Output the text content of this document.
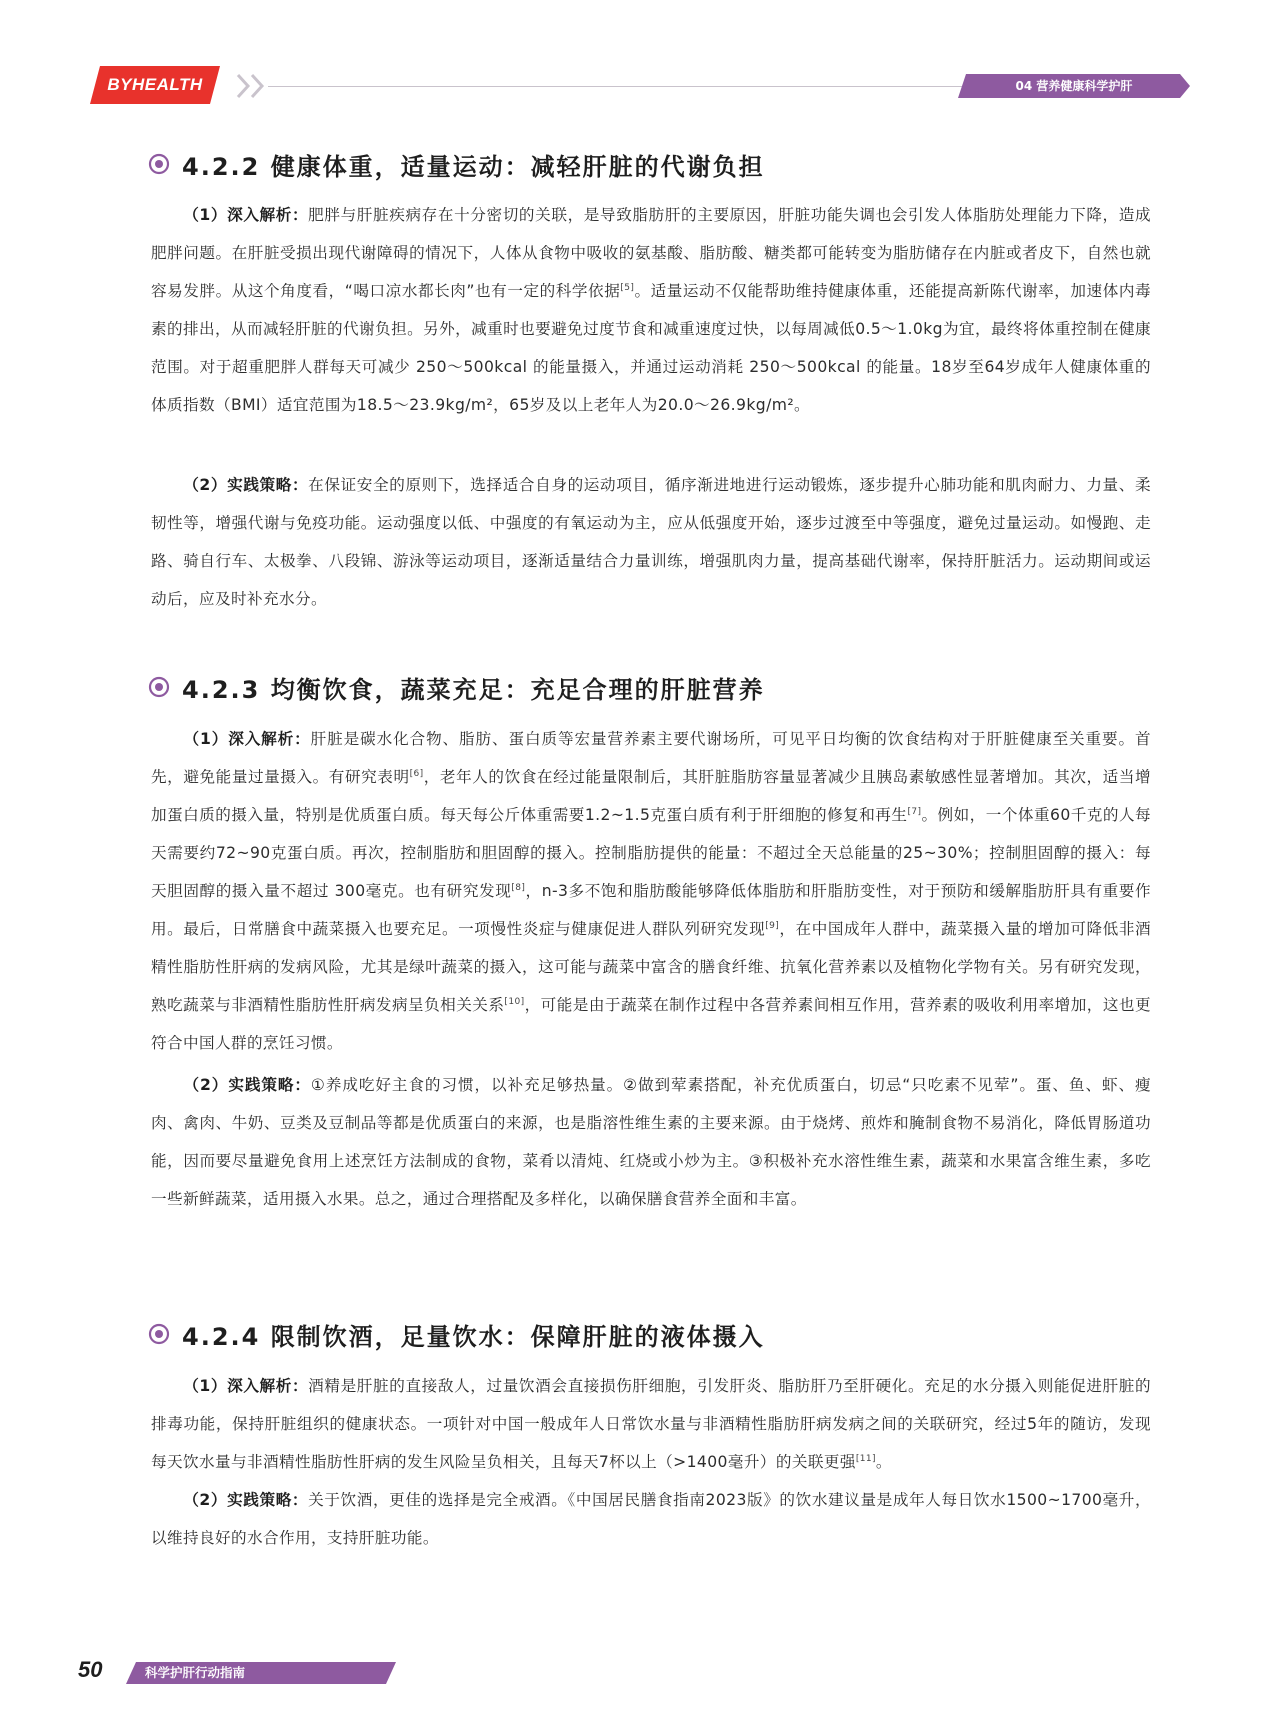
BYHEALTH	04 营养健康科学护肝
4.2.2 健康体重，适量运动：减轻肝脏的代谢负担
（1）深入解析：肥胖与肝脏疾病存在十分密切的关联，是导致脂肪肝的主要原因，肝脏功能失调也会引发人体脂肪处理能力下降，造成肥胖问题。在肝脏受损出现代谢障碍的情况下，人体从食物中吸收的氨基酸、脂肪酸、糖类都可能转变为脂肪储存在内脏或者皮下，自然也就容易发胖。从这个角度看，“喝口凉水都长肉”也有一定的科学依据[5]。适量运动不仅能帮助维持健康体重，还能提高新陈代谢率，加速体内毒素的排出，从而减轻肝脏的代谢负担。另外，减重时也要避免过度节食和减重速度过快，以每周减低0.5～1.0kg为宜，最终将体重控制在健康范围。对于超重肥胖人群每天可减少 250～500kcal 的能量摄入，并通过运动消耗 250～500kcal 的能量。18岁至64岁成年人健康体重的体质指数（BMI）适宜范围为18.5～23.9kg/m²，65岁及以上老年人为20.0～26.9kg/m²。
（2）实践策略：在保证安全的原则下，选择适合自身的运动项目，循序渐进地进行运动锻炼，逐步提升心肺功能和肌肉耐力、力量、柔韧性等，增强代谢与免疫功能。运动强度以低、中强度的有氧运动为主，应从低强度开始，逐步过渡至中等强度，避免过量运动。如慢跑、走路、骑自行车、太极拳、八段锦、游泳等运动项目，逐渐适量结合力量训练，增强肌肉力量，提高基础代谢率，保持肝脏活力。运动期间或运动后，应及时补充水分。
4.2.3 均衡饮食，蔬菜充足：充足合理的肝脏营养
（1）深入解析：肝脏是碳水化合物、脂肪、蛋白质等宏量营养素主要代谢场所，可见平日均衡的饮食结构对于肝脏健康至关重要。首先，避免能量过量摄入。有研究表明[6]，老年人的饮食在经过能量限制后，其肝脏脂肪容量显著减少且胰岛素敏感性显著增加。其次，适当增加蛋白质的摄入量，特别是优质蛋白质。每天每公斤体重需要1.2~1.5克蛋白质有利于肝细胞的修复和再生[7]。例如，一个体重60千克的人每天需要约72~90克蛋白质。再次，控制脂肪和胆固醇的摄入。控制脂肪提供的能量：不超过全天总能量的25~30%；控制胆固醇的摄入：每天胆固醇的摄入量不超过 300毫克。也有研究发现[8]，n-3多不饱和脂肪酸能够降低体脂肪和肝脂肪变性，对于预防和缓解脂肪肝具有重要作用。最后，日常膳食中蔬菜摄入也要充足。一项慢性炎症与健康促进人群队列研究发现[9]，在中国成年人群中，蔬菜摄入量的增加可降低非酒精性脂肪性肝病的发病风险，尤其是绿叶蔬菜的摄入，这可能与蔬菜中富含的膳食纤维、抗氧化营养素以及植物化学物有关。另有研究发现，熟吃蔬菜与非酒精性脂肪性肝病发病呈负相关关系[10]，可能是由于蔬菜在制作过程中各营养素间相互作用，营养素的吸收利用率增加，这也更符合中国人群的烹饪习惯。
（2）实践策略：①养成吃好主食的习惯，以补充足够热量。②做到荤素搭配，补充优质蛋白，切忌“只吃素不见荤”。蛋、鱼、虾、瘦肉、禽肉、牛奶、豆类及豆制品等都是优质蛋白的来源，也是脂溶性维生素的主要来源。由于烧烤、煎炸和腌制食物不易消化，降低胃肠道功能，因而要尽量避免食用上述烹饪方法制成的食物，菜肴以清炖、红烧或小炒为主。③积极补充水溶性维生素，蔬菜和水果富含维生素，多吃一些新鲜蔬菜，适用摄入水果。总之，通过合理搭配及多样化，以确保膳食营养全面和丰富。
4.2.4 限制饮酒，足量饮水：保障肝脏的液体摄入
（1）深入解析：酒精是肝脏的直接敌人，过量饮酒会直接损伤肝细胞，引发肝炎、脂肪肝乃至肝硬化。充足的水分摄入则能促进肝脏的排毒功能，保持肝脏组织的健康状态。一项针对中国一般成年人日常饮水量与非酒精性脂肪肝病发病之间的关联研究，经过5年的随访，发现每天饮水量与非酒精性脂肪性肝病的发生风险呈负相关，且每天7杯以上（>1400毫升）的关联更强[11]。
（2）实践策略：关于饮酒，更佳的选择是完全戒酒。《中国居民膳食指南2023版》的饮水建议量是成年人每日饮水1500~1700毫升，以维持良好的水合作用，支持肝脏功能。
50	科学护肝行动指南
